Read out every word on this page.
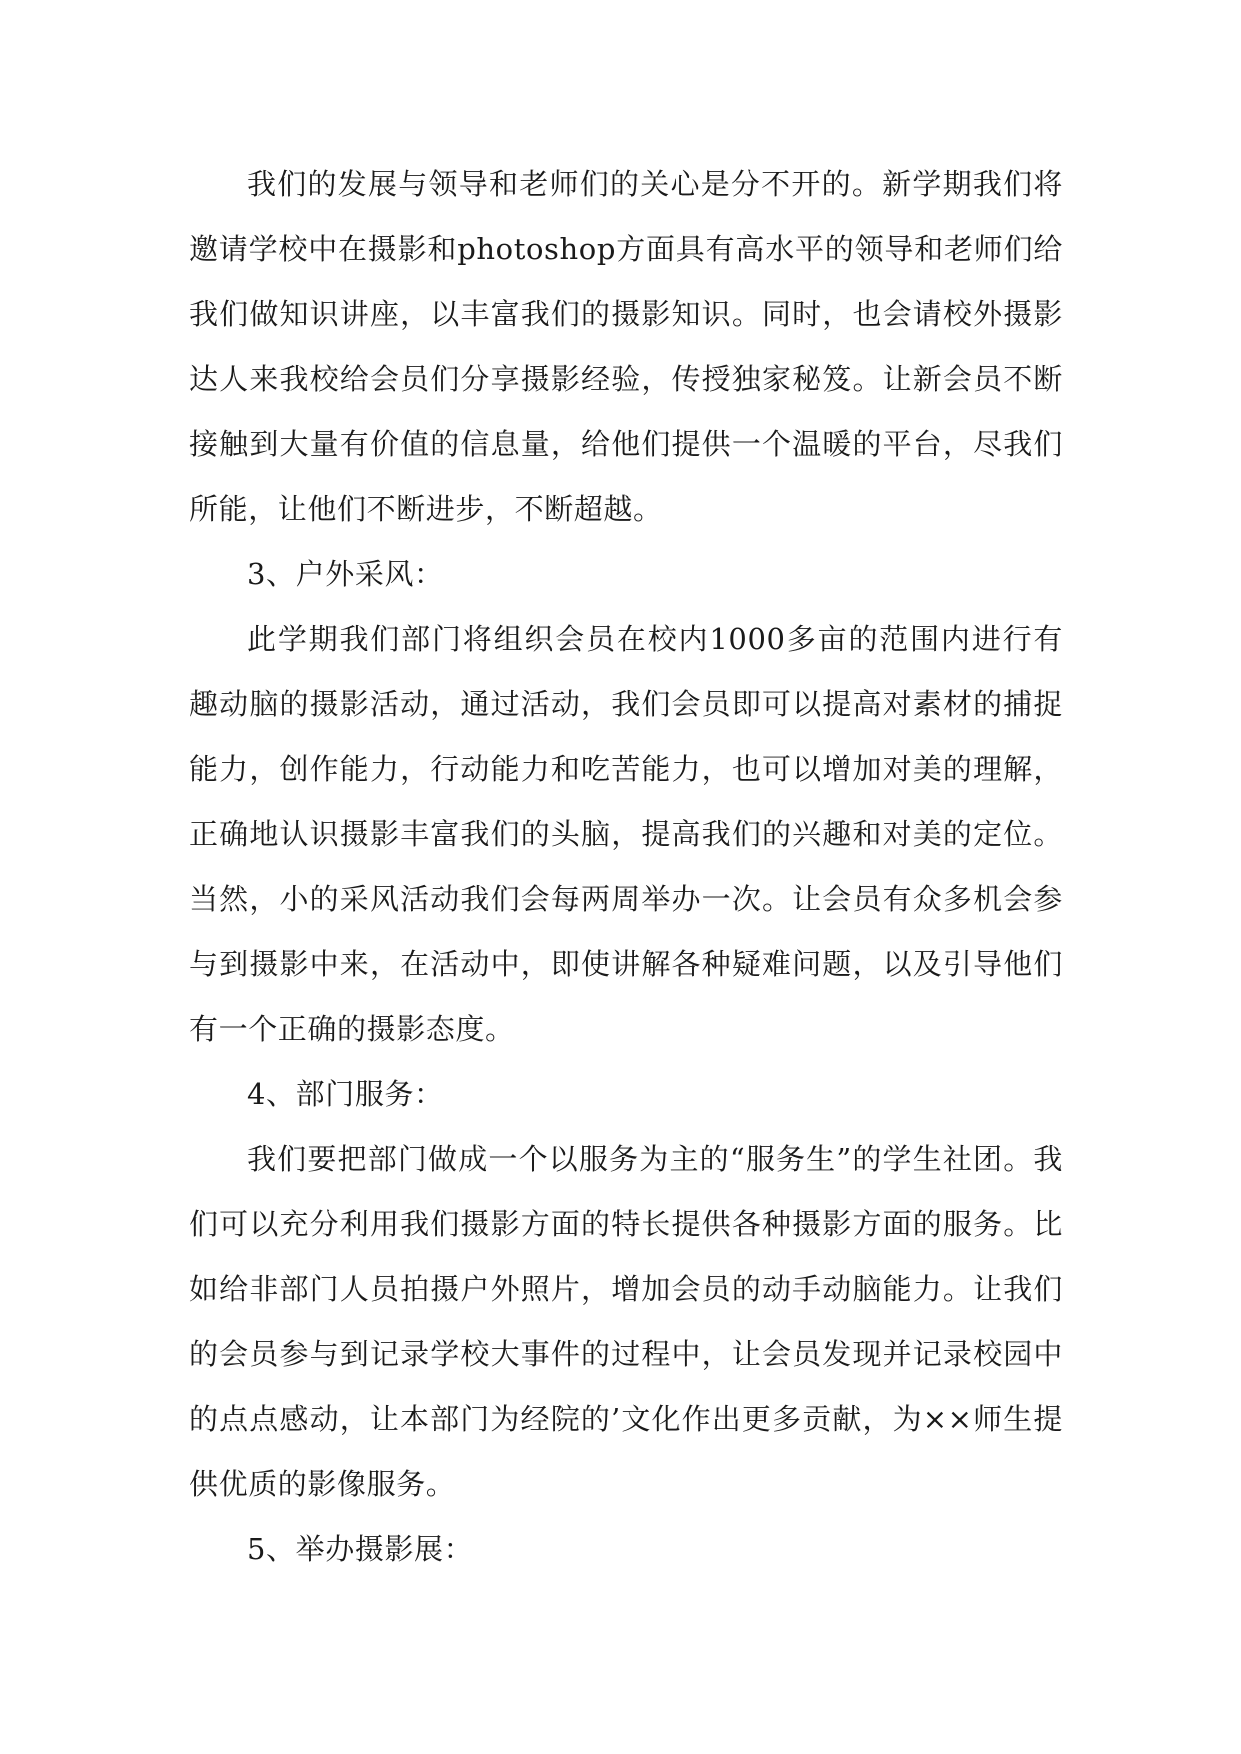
我们的发展与领导和老师们的关心是分不开的。新学期我们将邀请学校中在摄影和photoshop方面具有高水平的领导和老师们给我们做知识讲座，以丰富我们的摄影知识。同时，也会请校外摄影达人来我校给会员们分享摄影经验，传授独家秘笈。让新会员不断接触到大量有价值的信息量，给他们提供一个温暖的平台，尽我们所能，让他们不断进步，不断超越。

3、户外采风：

此学期我们部门将组织会员在校内1000多亩的范围内进行有趣动脑的摄影活动，通过活动，我们会员即可以提高对素材的捕捉能力，创作能力，行动能力和吃苦能力，也可以增加对美的理解，正确地认识摄影丰富我们的头脑，提高我们的兴趣和对美的定位。当然，小的采风活动我们会每两周举办一次。让会员有众多机会参与到摄影中来，在活动中，即使讲解各种疑难问题，以及引导他们有一个正确的摄影态度。

4、部门服务：

我们要把部门做成一个以服务为主的“服务生”的学生社团。我们可以充分利用我们摄影方面的特长提供各种摄影方面的服务。比如给非部门人员拍摄户外照片，增加会员的动手动脑能力。让我们的会员参与到记录学校大事件的过程中，让会员发现并记录校园中的点点感动，让本部门为经院的’文化作出更多贡献，为××师生提供优质的影像服务。

5、举办摄影展：
